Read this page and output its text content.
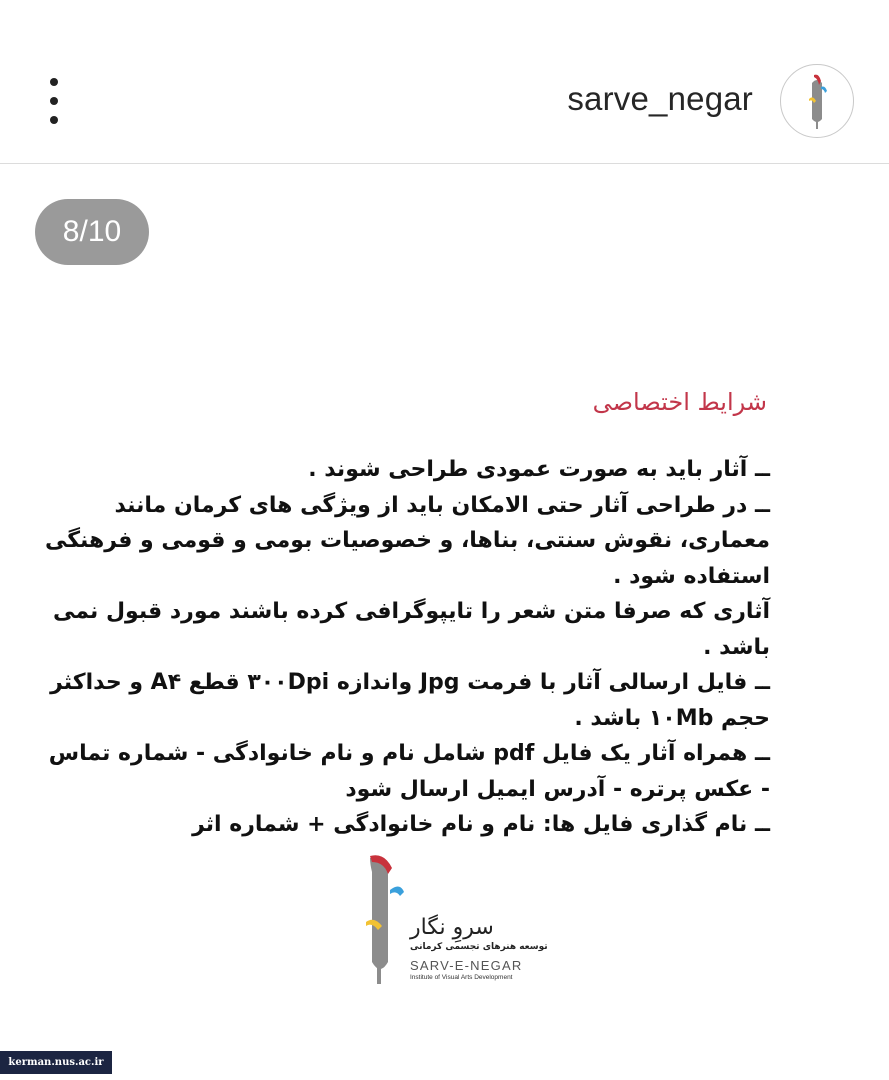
sarve_negar
8/10
شرایط اختصاصی
ــ آثار باید به صورت عمودی طراحی شوند .
ــ در طراحی آثار حتی الامکان باید از ویژگی های کرمان مانند
معماری، نقوش سنتی، بناها، و خصوصیات بومی و قومی و فرهنگی
استفاده شود .
آثاری که صرفا متن شعر را تایپوگرافی کرده باشند مورد قبول نمی
باشد .
ــ فایل ارسالی آثار با فرمت Jpg واندازه ۳۰۰Dpi قطع A۴ و حداکثر
حجم ۱۰Mb باشد .
ــ همراه آثار یک فایل pdf شامل نام و نام خانوادگی - شماره تماس
- عکس پرتره - آدرس ایمیل ارسال شود
ــ نام گذاری فایل ها: نام و نام خانوادگی + شماره اثر
سروِ نگار
توسعه هنرهای تجسمی کرمانی
SARV-E-NEGAR
Institute of Visual Arts Development
kerman.nus.ac.ir
